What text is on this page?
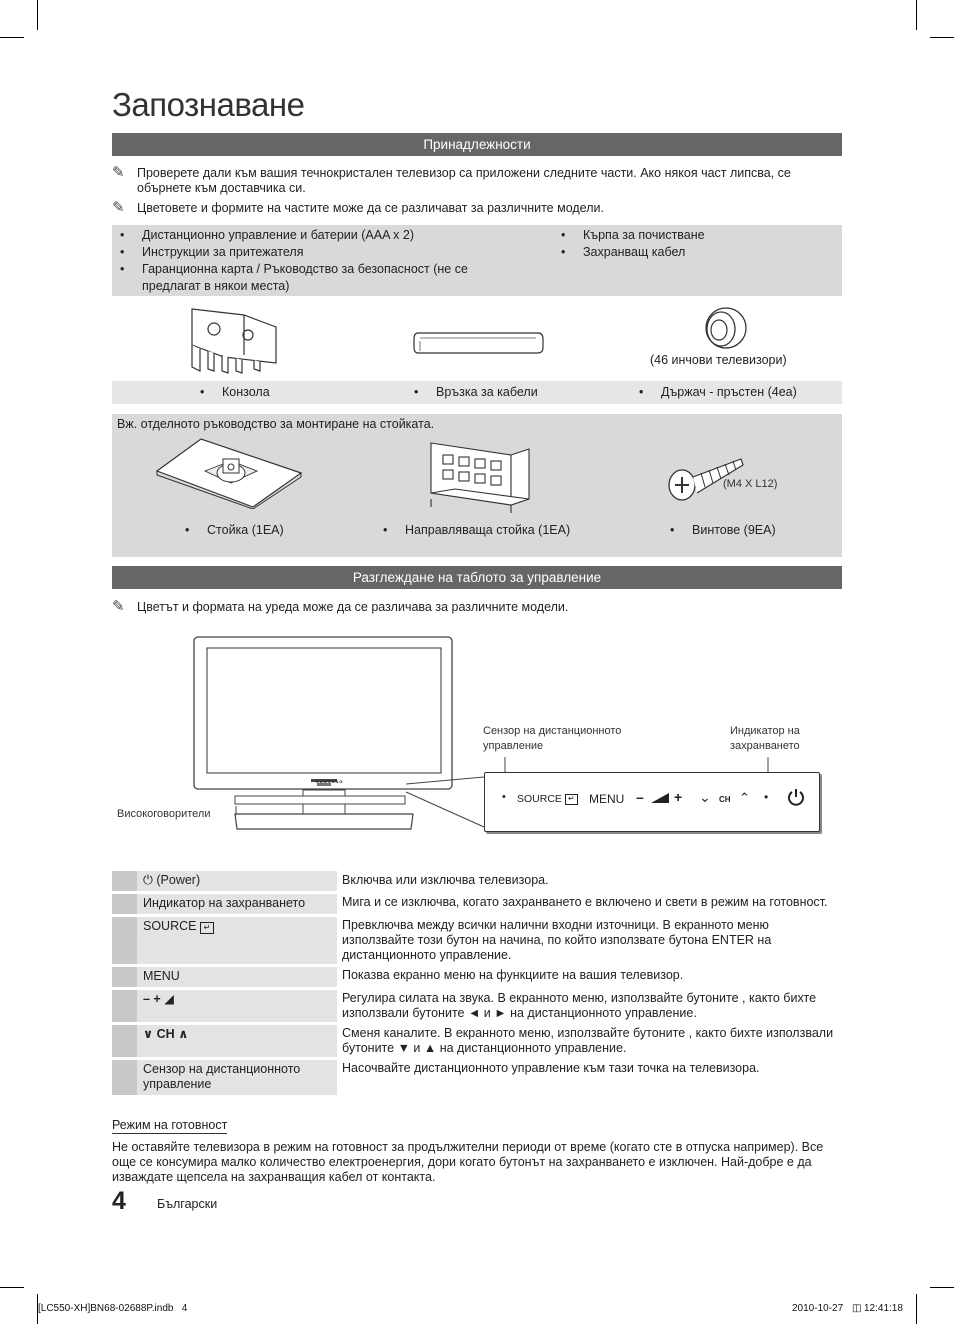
Запознаване
Принадлежности
✎ Проверете дали към вашия течнокристален телевизор са приложени следните части. Ако някоя част липсва, се обърнете към доставчика си.
✎ Цветовете и формите на частите може да се различават за различните модели.
• Дистанционно управление и батерии (AAA x 2)
• Инструкции за притежателя
• Гаранционна карта / Ръководство за безопасност (не се предлагат в някои места)
• Кърпа за почистване
• Захранващ кабел
(46 инчови телевизори)
• Конзола	• Връзка за кабели	• Държач - пръстен (4еа)
Вж. отделното ръководство за монтиране на стойката.
• Стойка (1EA)	• Направляваща стойка (1EA)	• Винтове (9EA)
(M4 X L12)
Разглеждане на таблото за управление
✎ Цветът и формата на уреда може да се различава за различните модели.
SAMSUNG
Сензор на дистанционното управление
Индикатор на захранването
Високоговорители
• SOURCE ↵ MENU – + ⌄ CH ⌃ •
	⏻ (Power)	Включва или изключва телевизора.
	Индикатор на захранването	Мига и се изключва, когато захранването е включено и свети в режим на готовност.
	SOURCE ↵	Превключва между всички налични входни източници. В екранното меню използвайте този бутон на начина, по който използвате бутона ENTER на дистанционното управление.
	MENU	Показва екранно меню на функциите на вашия телевизор.
	– + ◢	Регулира силата на звука. В екранното меню, използвайте бутоните , както бихте използвали бутоните ◄ и ► на дистанционното управление.
	∨ CH ∧	Сменя каналите. В екранното меню, използвайте бутоните , както бихте използвали бутоните ▼ и ▲ на дистанционното управление.
	Сензор на дистанционното управление	Насочвайте дистанционното управление към тази точка на телевизора.
Режим на готовност
Не оставяйте телевизора в режим на готовност за продължителни периоди от време (когато сте в отпуска например). Все още се консумира малко количество електроенергия, дори когато бутонът на захранването е изключен. Най-добре е да изваждате щепсела на захранващия кабел от контакта.
4 Български
[LC550-XH]BN68-02688P.indb   4	2010-10-27 ◫ 12:41:18
